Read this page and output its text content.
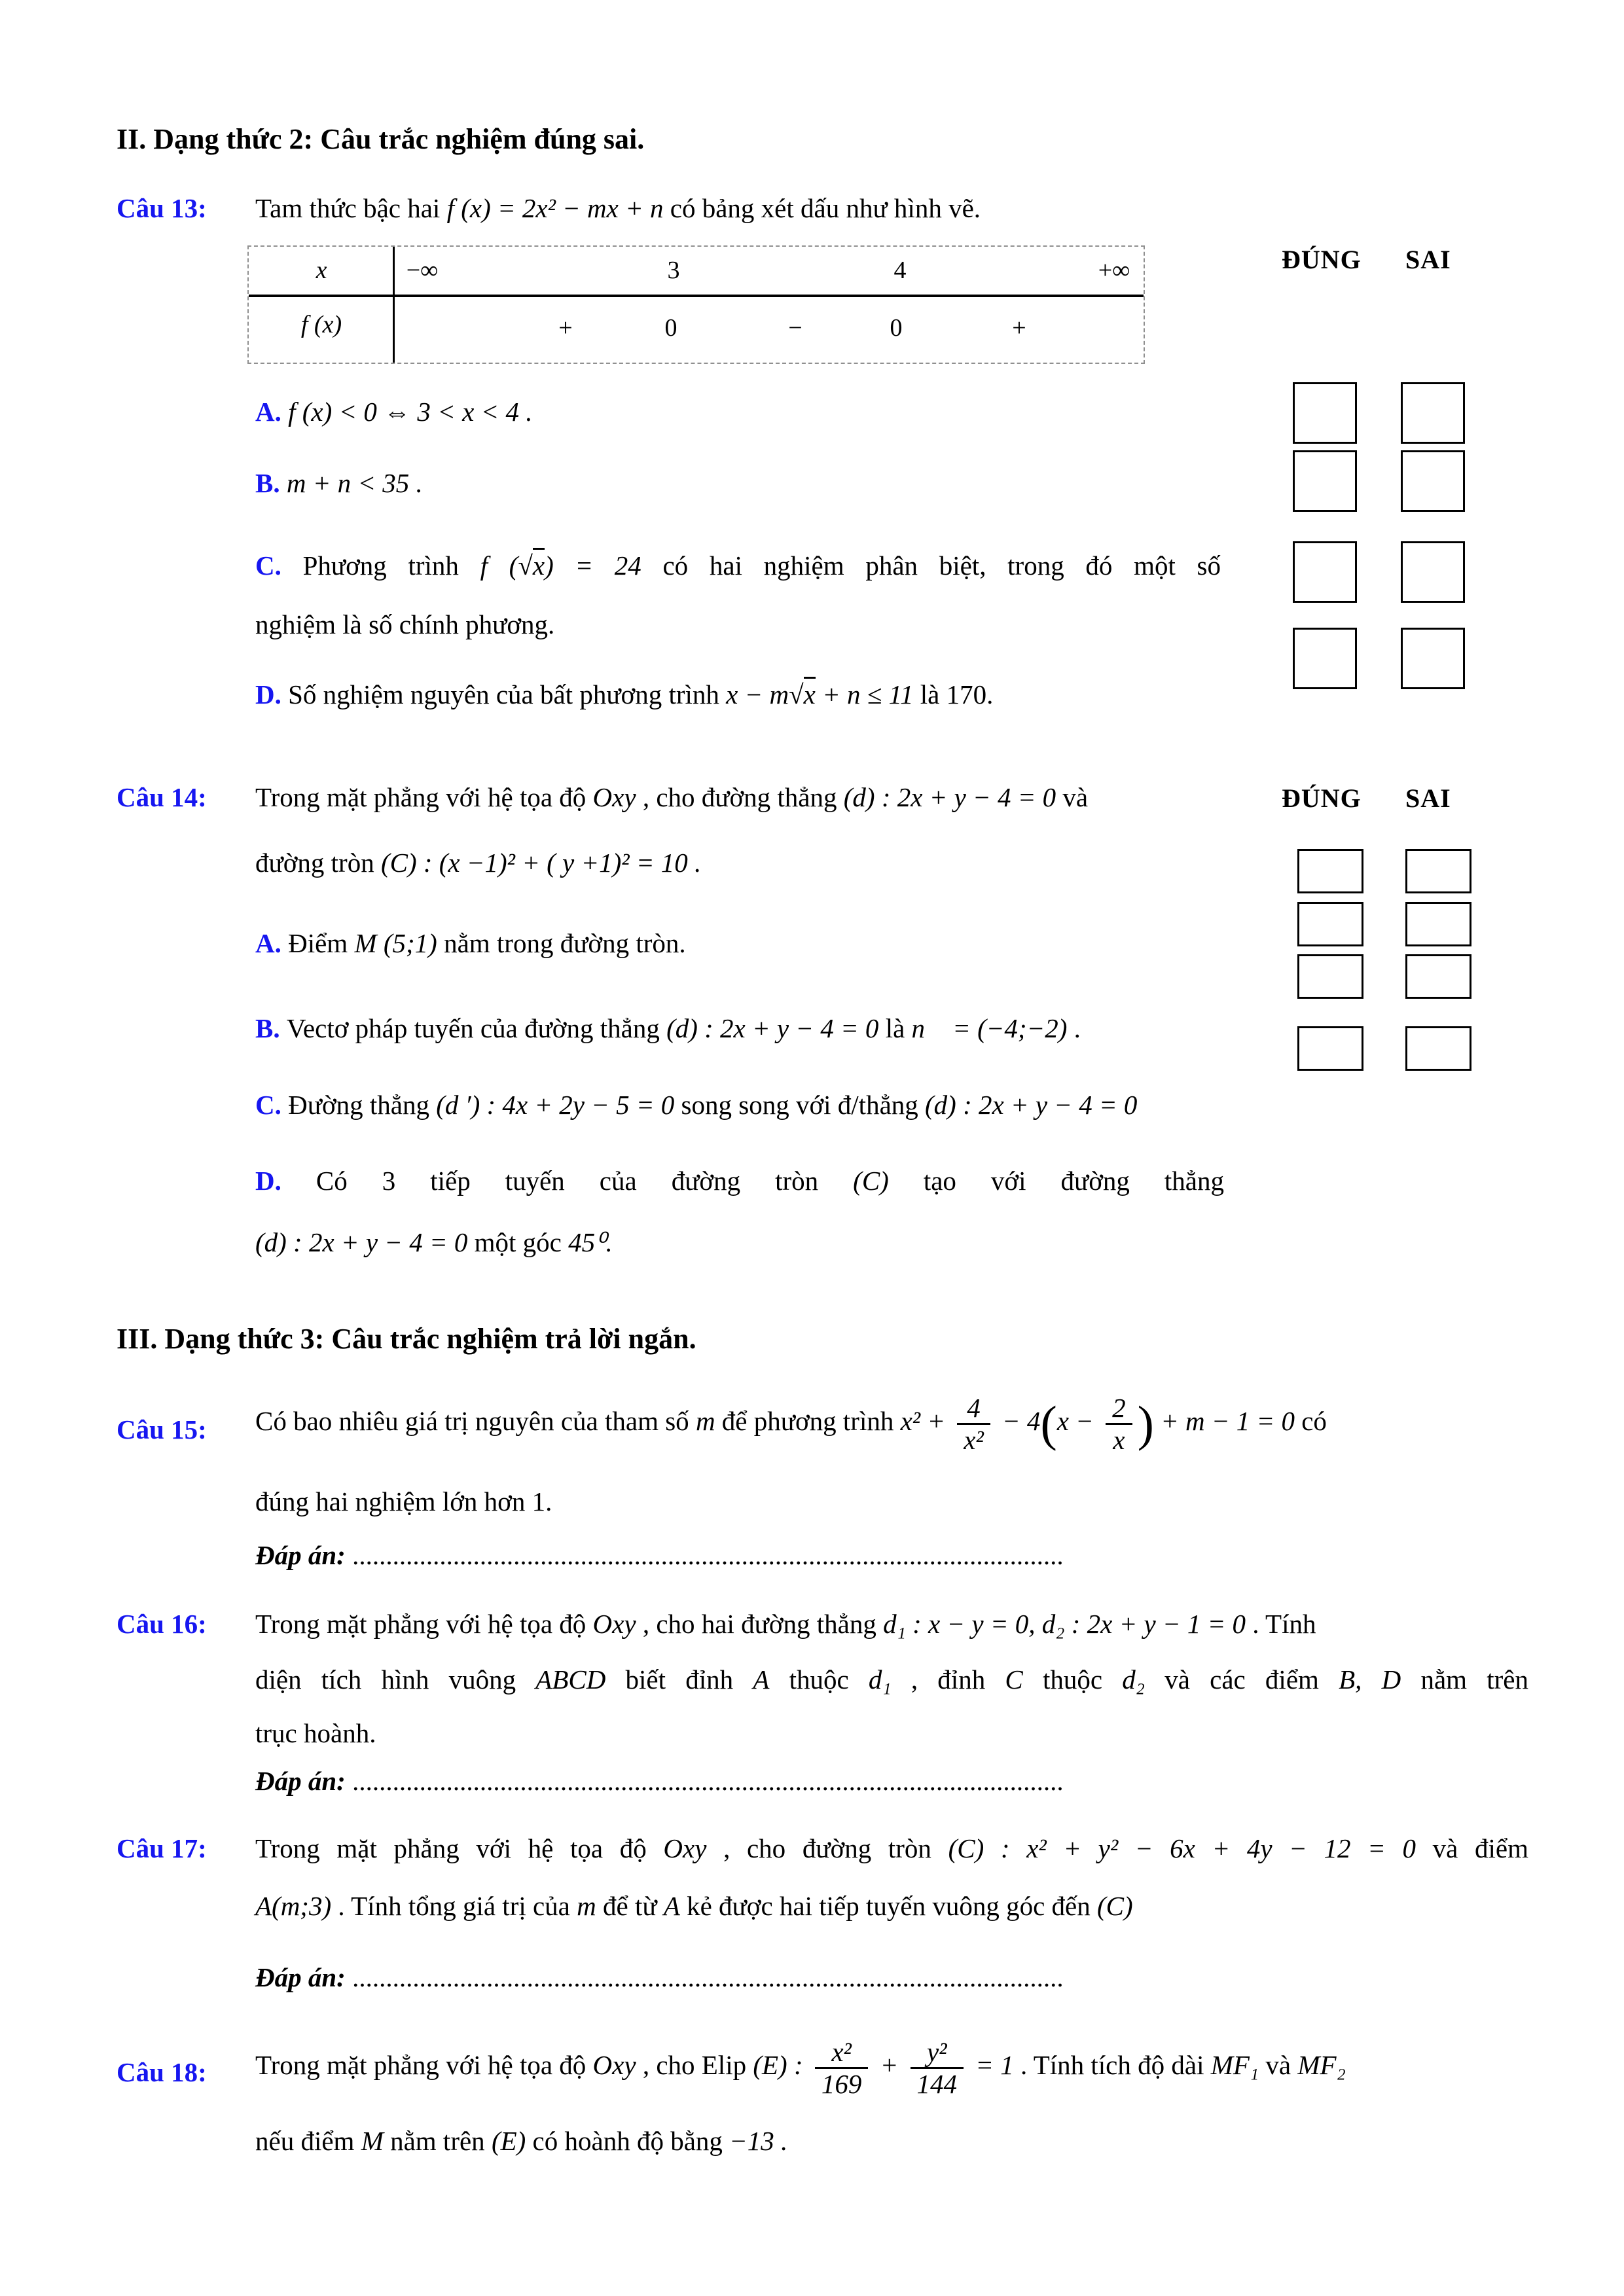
II. Dạng thức 2: Câu trắc nghiệm đúng sai.
Câu 13: Tam thức bậc hai f (x) = 2x² − mx + n có bảng xét dấu như hình vẽ.
x	−∞	3	4	+∞
f (x)	+	0	−	0	+
ĐÚNG SAI
A. f (x) < 0 ⇔ 3 < x < 4 .
B. m + n < 35 .
C. Phương trình f (√x) = 24 có hai nghiệm phân biệt, trong đó một số
nghiệm là số chính phương.
D. Số nghiệm nguyên của bất phương trình x − m√x + n ≤ 11 là 170.
Câu 14: Trong mặt phẳng với hệ tọa độ Oxy , cho đường thẳng (d) : 2x + y − 4 = 0 và
đường tròn (C) : (x −1)² + ( y +1)² = 10 .
ĐÚNG SAI
A. Điểm M (5;1) nằm trong đường tròn.
B. Vectơ pháp tuyến của đường thẳng (d) : 2x + y − 4 = 0 là n⃗ = (−4;−2) .
C. Đường thẳng (d ′) : 4x + 2y − 5 = 0 song song với đ/thẳng (d) : 2x + y − 4 = 0
D. Có 3 tiếp tuyến của đường tròn (C) tạo với đường thẳng
(d) : 2x + y − 4 = 0 một góc 45⁰.
III. Dạng thức 3: Câu trắc nghiệm trả lời ngắn.
Câu 15: Có bao nhiêu giá trị nguyên của tham số m để phương trình $x^2 + \frac{4}{\text{x²}} - 4(x - \frac{2}{x}$ ) + m − 1 = 0 có
đúng hai nghiệm lớn hơn 1.
Đáp án: ..........................................................................................................
Câu 16: Trong mặt phẳng với hệ tọa độ Oxy , cho hai đường thẳng d₁ : x − y = 0, d₂ : 2x + y − 1 = 0 . Tính
diện tích hình vuông ABCD biết đỉnh A thuộc d₁ , đỉnh C thuộc d₂ và các điểm B, D nằm trên
trục hoành.
Đáp án: ..........................................................................................................
Câu 17: Trong mặt phẳng với hệ tọa độ Oxy , cho đường tròn (C) : x² + y² − 6x + 4y − 12 = 0 và điểm
A(m;3) . Tính tổng giá trị của m để từ A kẻ được hai tiếp tuyến vuông góc đến (C)
Đáp án: ..........................................................................................................
Câu 18: Trong mặt phẳng với hệ tọa độ Oxy , cho Elip (E) : $\frac{\text{x²}}{169} + \frac{\text{y²}}{144} = 1$ . Tính tích độ dài MF₁ và MF₂
nếu điểm M nằm trên (E) có hoành độ bằng −13 .
